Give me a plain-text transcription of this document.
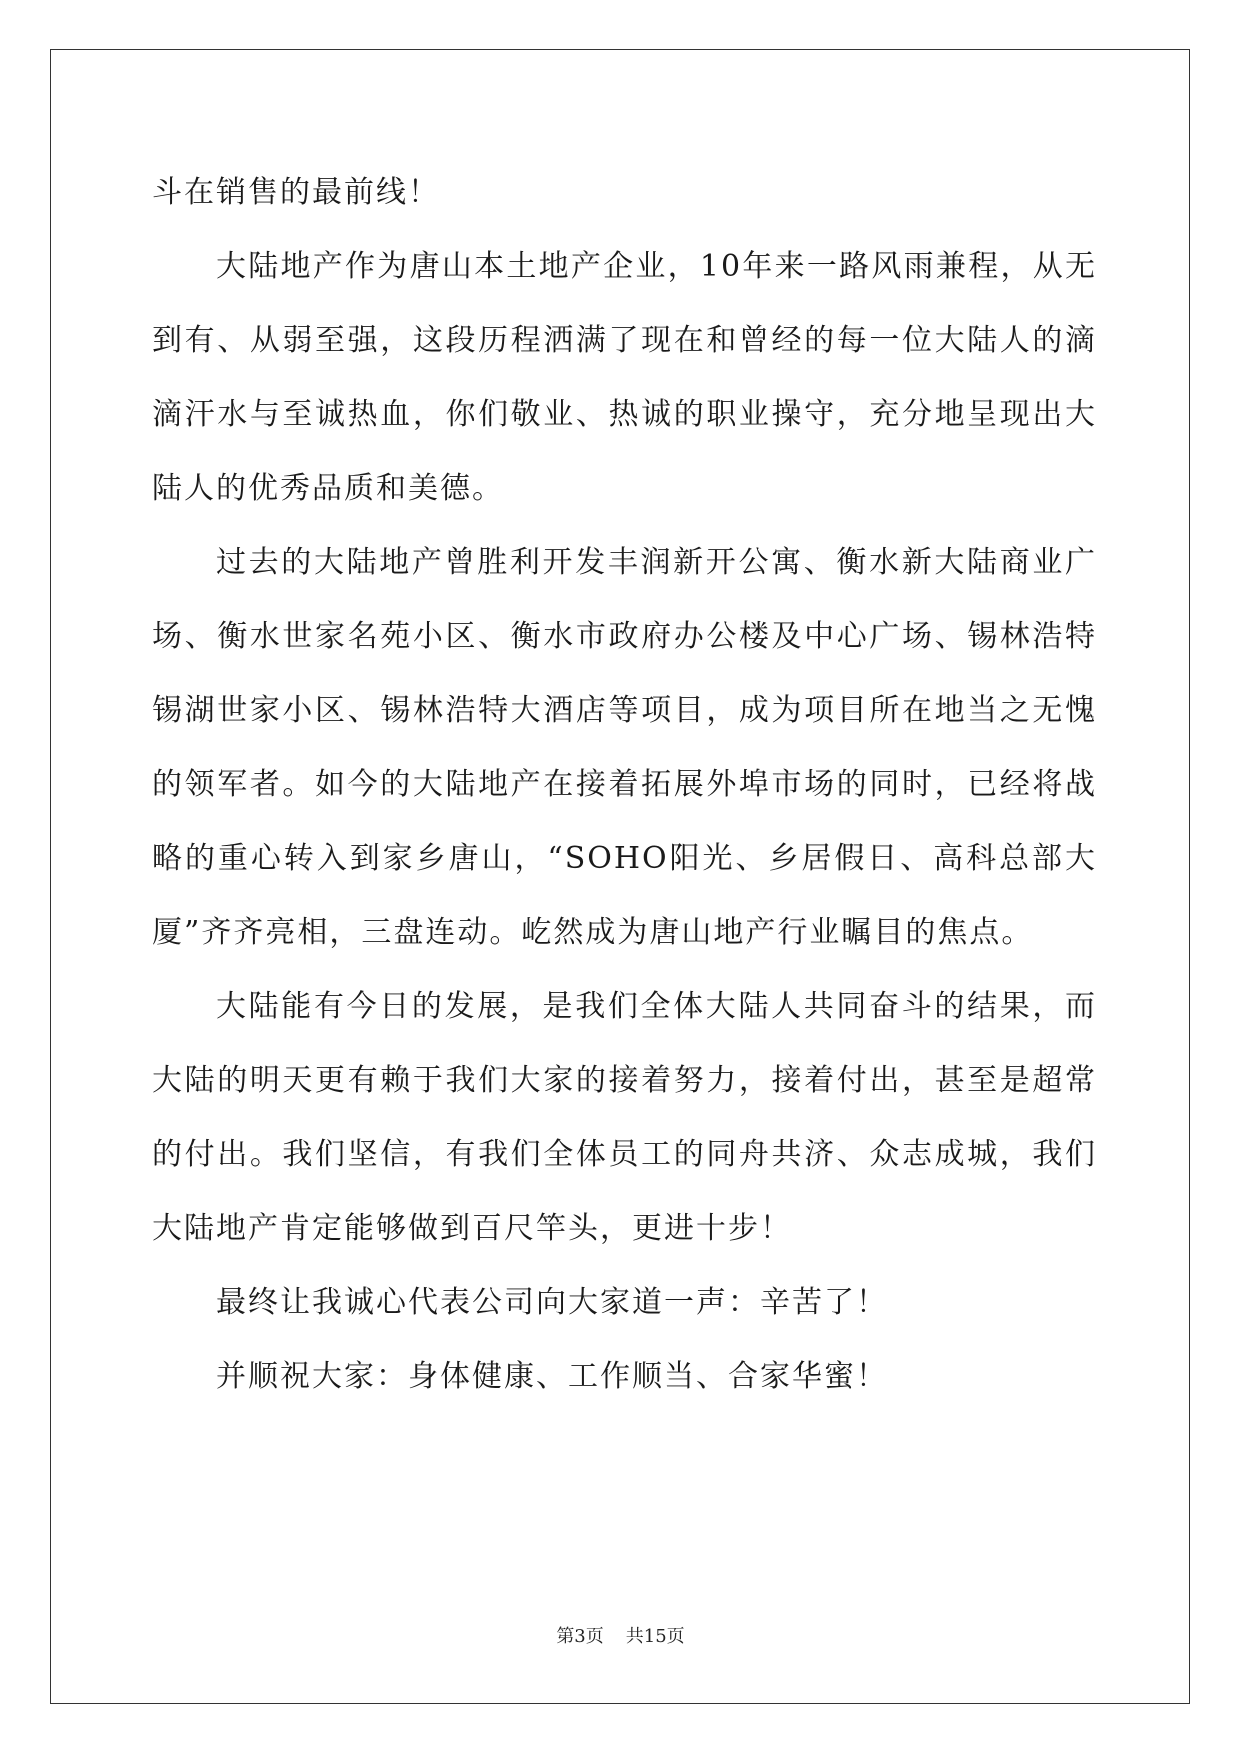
斗在销售的最前线！

大陆地产作为唐山本土地产企业，10年来一路风雨兼程，从无到有、从弱至强，这段历程洒满了现在和曾经的每一位大陆人的滴滴汗水与至诚热血，你们敬业、热诚的职业操守，充分地呈现出大陆人的优秀品质和美德。

过去的大陆地产曾胜利开发丰润新开公寓、衡水新大陆商业广场、衡水世家名苑小区、衡水市政府办公楼及中心广场、锡林浩特锡湖世家小区、锡林浩特大酒店等项目，成为项目所在地当之无愧的领军者。如今的大陆地产在接着拓展外埠市场的同时，已经将战略的重心转入到家乡唐山，“SOHO阳光、乡居假日、高科总部大厦”齐齐亮相，三盘连动。屹然成为唐山地产行业瞩目的焦点。

大陆能有今日的发展，是我们全体大陆人共同奋斗的结果，而大陆的明天更有赖于我们大家的接着努力，接着付出，甚至是超常的付出。我们坚信，有我们全体员工的同舟共济、众志成城，我们大陆地产肯定能够做到百尺竿头，更进十步！

最终让我诚心代表公司向大家道一声：辛苦了！

并顺祝大家：身体健康、工作顺当、合家华蜜！

第3页 共15页
